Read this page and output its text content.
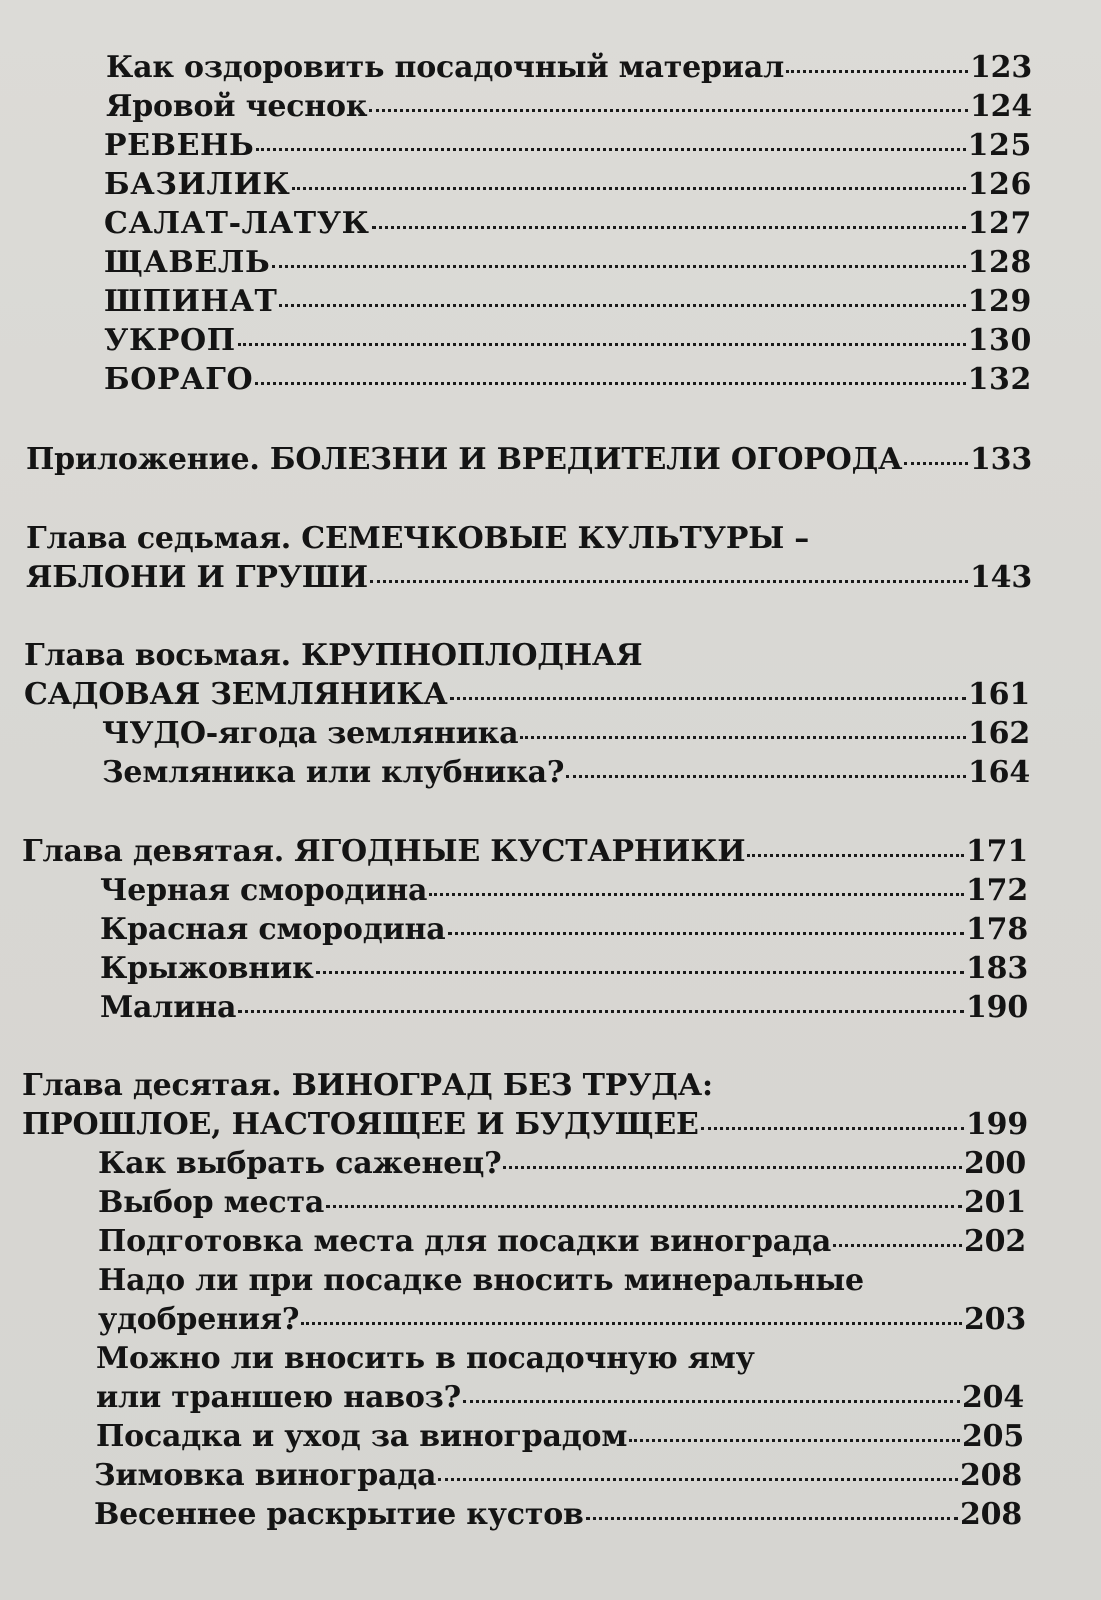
Как оздоровить посадочный материал	123
Яровой чеснок	124
РЕВЕНЬ	125
БАЗИЛИК	126
САЛАТ-ЛАТУК	127
ЩАВЕЛЬ	128
ШПИНАТ	129
УКРОП	130
БОРАГО	132
Приложение. БОЛЕЗНИ И ВРЕДИТЕЛИ ОГОРОДА 133
Глава седьмая. СЕМЕЧКОВЫЕ КУЛЬТУРЫ –
ЯБЛОНИ И ГРУШИ	143
Глава восьмая. КРУПНОПЛОДНАЯ
САДОВАЯ ЗЕМЛЯНИКА	161
ЧУДО-ягода земляника	162
Земляника или клубника?	164
Глава девятая. ЯГОДНЫЕ КУСТАРНИКИ	171
Черная смородина	172
Красная смородина	178
Крыжовник	183
Малина	190
Глава десятая. ВИНОГРАД БЕЗ ТРУДА:
ПРОШЛОЕ, НАСТОЯЩЕЕ И БУДУЩЕЕ	199
Как выбрать саженец?	200
Выбор места	201
Подготовка места для посадки винограда	202
Надо ли при посадке вносить минеральные
удобрения?	203
Можно ли вносить в посадочную яму
или траншею навоз?	204
Посадка и уход за виноградом	205
Зимовка винограда	208
Весеннее раскрытие кустов	208
